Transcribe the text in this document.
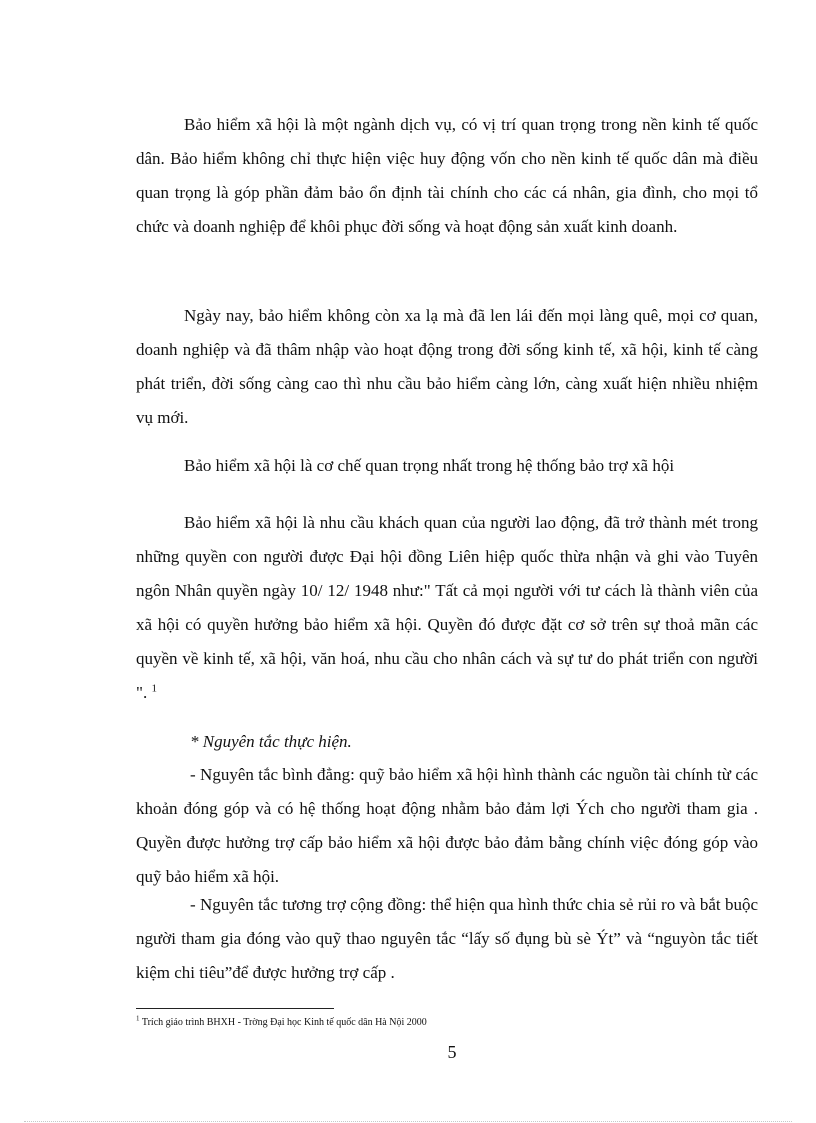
Bảo hiểm xã hội là một ngành dịch vụ, có vị trí quan trọng trong nền kinh tế quốc dân. Bảo hiểm không chỉ thực hiện việc huy động vốn cho nền kinh tế quốc dân mà điều quan trọng là góp phần đảm bảo ổn định tài chính cho các cá nhân, gia đình, cho mọi tổ chức và doanh nghiệp để khôi phục đời sống và hoạt động sản xuất kinh doanh.

Ngày nay, bảo hiểm không còn xa lạ mà đã len lái đến mọi làng quê, mọi cơ quan, doanh nghiệp và đã thâm nhập vào hoạt động trong đời sống kinh tế, xã hội, kinh tế càng phát triển, đời sống càng cao thì nhu cầu bảo hiểm càng lớn, càng xuất hiện nhiều nhiệm vụ mới.

Bảo hiểm xã hội là cơ chế quan trọng nhất trong hệ thống bảo trợ xã hội

Bảo hiểm xã hội là nhu cầu khách quan của người lao động, đã trở thành mét trong những quyền con người được Đại hội đồng Liên hiệp quốc thừa nhận và ghi vào Tuyên ngôn Nhân quyền ngày 10/ 12/ 1948 như:" Tất cả mọi người với tư cách là thành viên của xã hội có quyền hưởng bảo hiểm xã hội. Quyền đó được đặt cơ sở trên sự thoả mãn các quyền về kinh tế, xã hội, văn hoá, nhu cầu cho nhân cách và sự tư do phát triển con người ". $^1$

* Nguyên tắc thực hiện.

- Nguyên tắc bình đẳng: quỹ bảo hiểm xã hội hình thành các nguồn tài chính từ các khoản đóng góp và có hệ thống hoạt động nhằm bảo đảm lợi Ých cho người tham gia . Quyền được hưởng trợ cấp bảo hiểm xã hội được bảo đảm bằng chính việc đóng góp vào quỹ bảo hiểm xã hội.

- Nguyên tắc tương trợ cộng đồng: thể hiện qua hình thức chia sẻ rủi ro và bắt buộc người tham gia đóng vào quỹ thao nguyên tắc “lấy số đụng bù sè Ýt” và “nguyòn tắc tiết kiệm chi tiêu”để được hưởng trợ cấp .

$^1$ Trích giáo trình BHXH - Trờng Đại học Kinh tế quốc dân Hà Nội 2000
5
